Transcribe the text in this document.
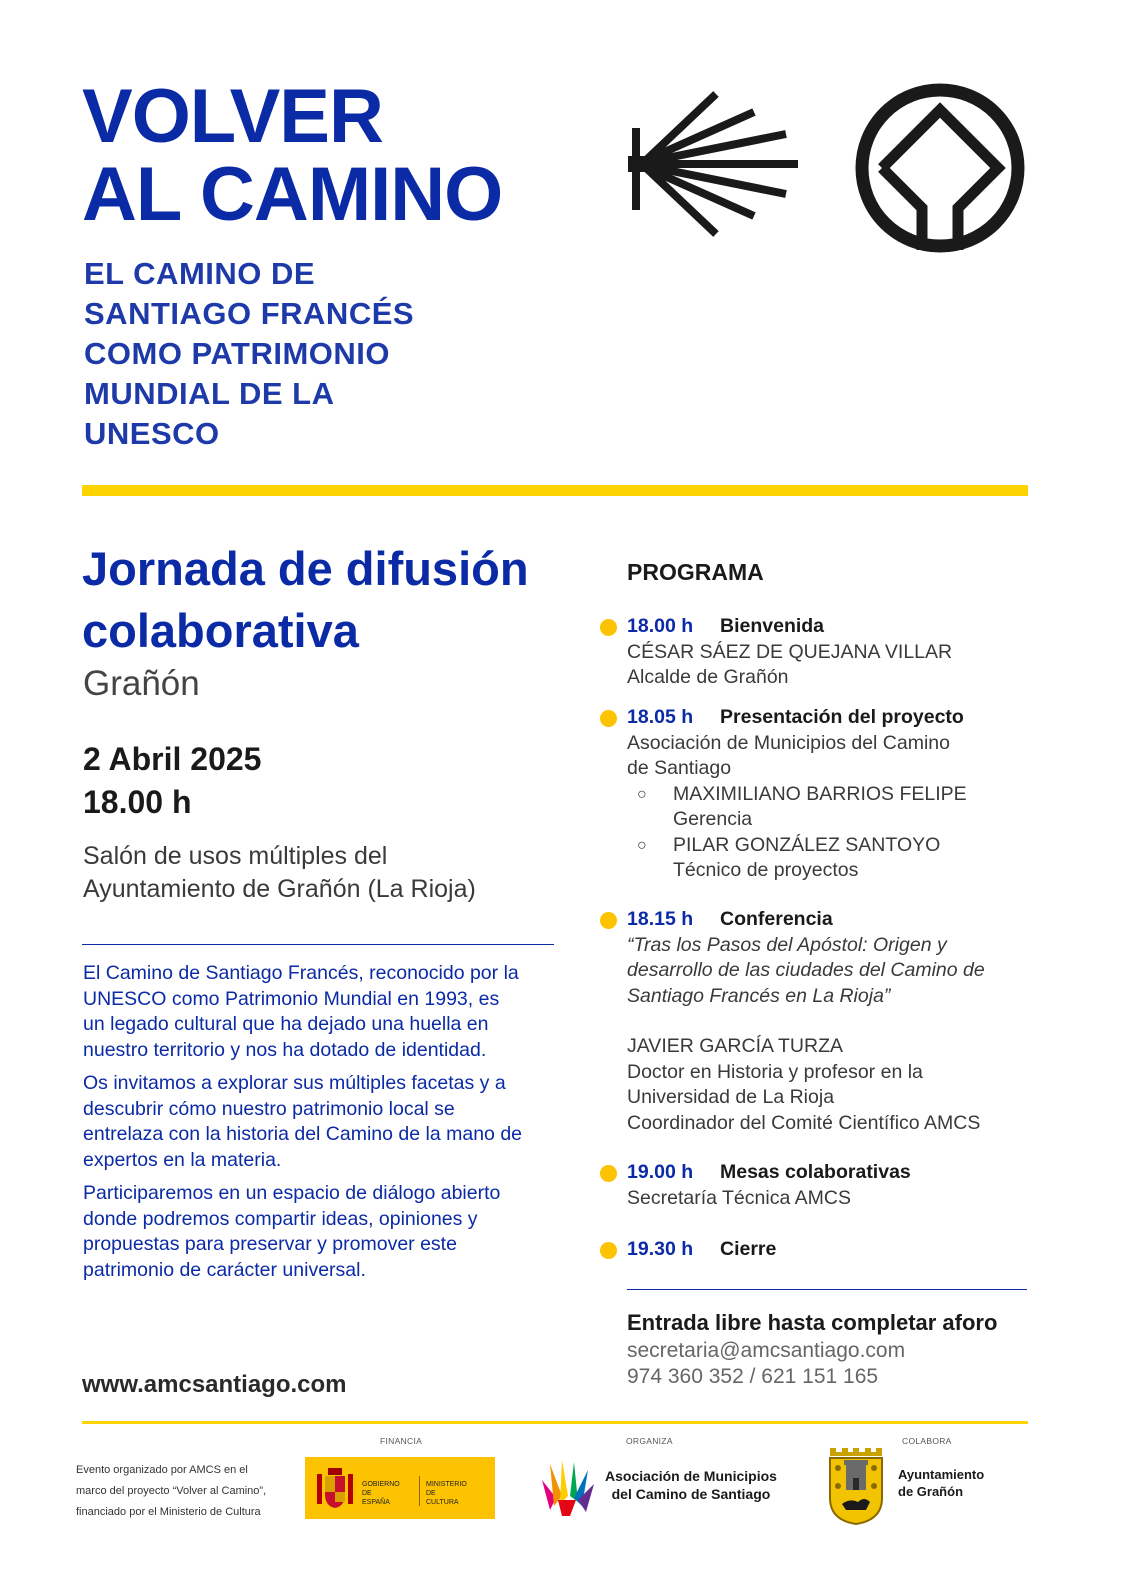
VOLVER
AL CAMINO
EL CAMINO DE
SANTIAGO FRANCÉS
COMO PATRIMONIO
MUNDIAL DE LA
UNESCO
Jornada de difusión colaborativa
Grañón
2 Abril 2025
18.00 h
Salón de usos múltiples del
Ayuntamiento de Grañón (La Rioja)

El Camino de Santiago Francés, reconocido por la UNESCO como Patrimonio Mundial en 1993, es un legado cultural que ha dejado una huella en nuestro territorio y nos ha dotado de identidad.

Os invitamos a explorar sus múltiples facetas y a descubrir cómo nuestro patrimonio local se entrelaza con la historia del Camino de la mano de expertos en la materia.

Participaremos en un espacio de diálogo abierto donde podremos compartir ideas, opiniones y propuestas para preservar y promover este patrimonio de carácter universal.

www.amcsantiago.com
PROGRAMA
18.00 h Bienvenida
CÉSAR SÁEZ DE QUEJANA VILLAR
Alcalde de Grañón
18.05 h Presentación del proyecto
Asociación de Municipios del Camino
de Santiago
○ MAXIMILIANO BARRIOS FELIPE
Gerencia
○ PILAR GONZÁLEZ SANTOYO
Técnico de proyectos
18.15 h Conferencia
“Tras los Pasos del Apóstol: Origen y
desarrollo de las ciudades del Camino de
Santiago Francés en La Rioja”
JAVIER GARCÍA TURZA
Doctor en Historia y profesor en la
Universidad de La Rioja
Coordinador del Comité Científico AMCS
19.00 h Mesas colaborativas
Secretaría Técnica AMCS
19.30 h Cierre
Entrada libre hasta completar aforo
secretaria@amcsantiago.com
974 360 352 / 621 151 165
Evento organizado por AMCS en el
marco del proyecto “Volver al Camino”,
financiado por el Ministerio de Cultura
FINANCIA	ORGANIZA	COLABORA
GOBIERNO
DE
ESPAÑA
MINISTERIO
DE
CULTURA
Asociación de Municipios
del Camino de Santiago
Ayuntamiento
de Grañón
